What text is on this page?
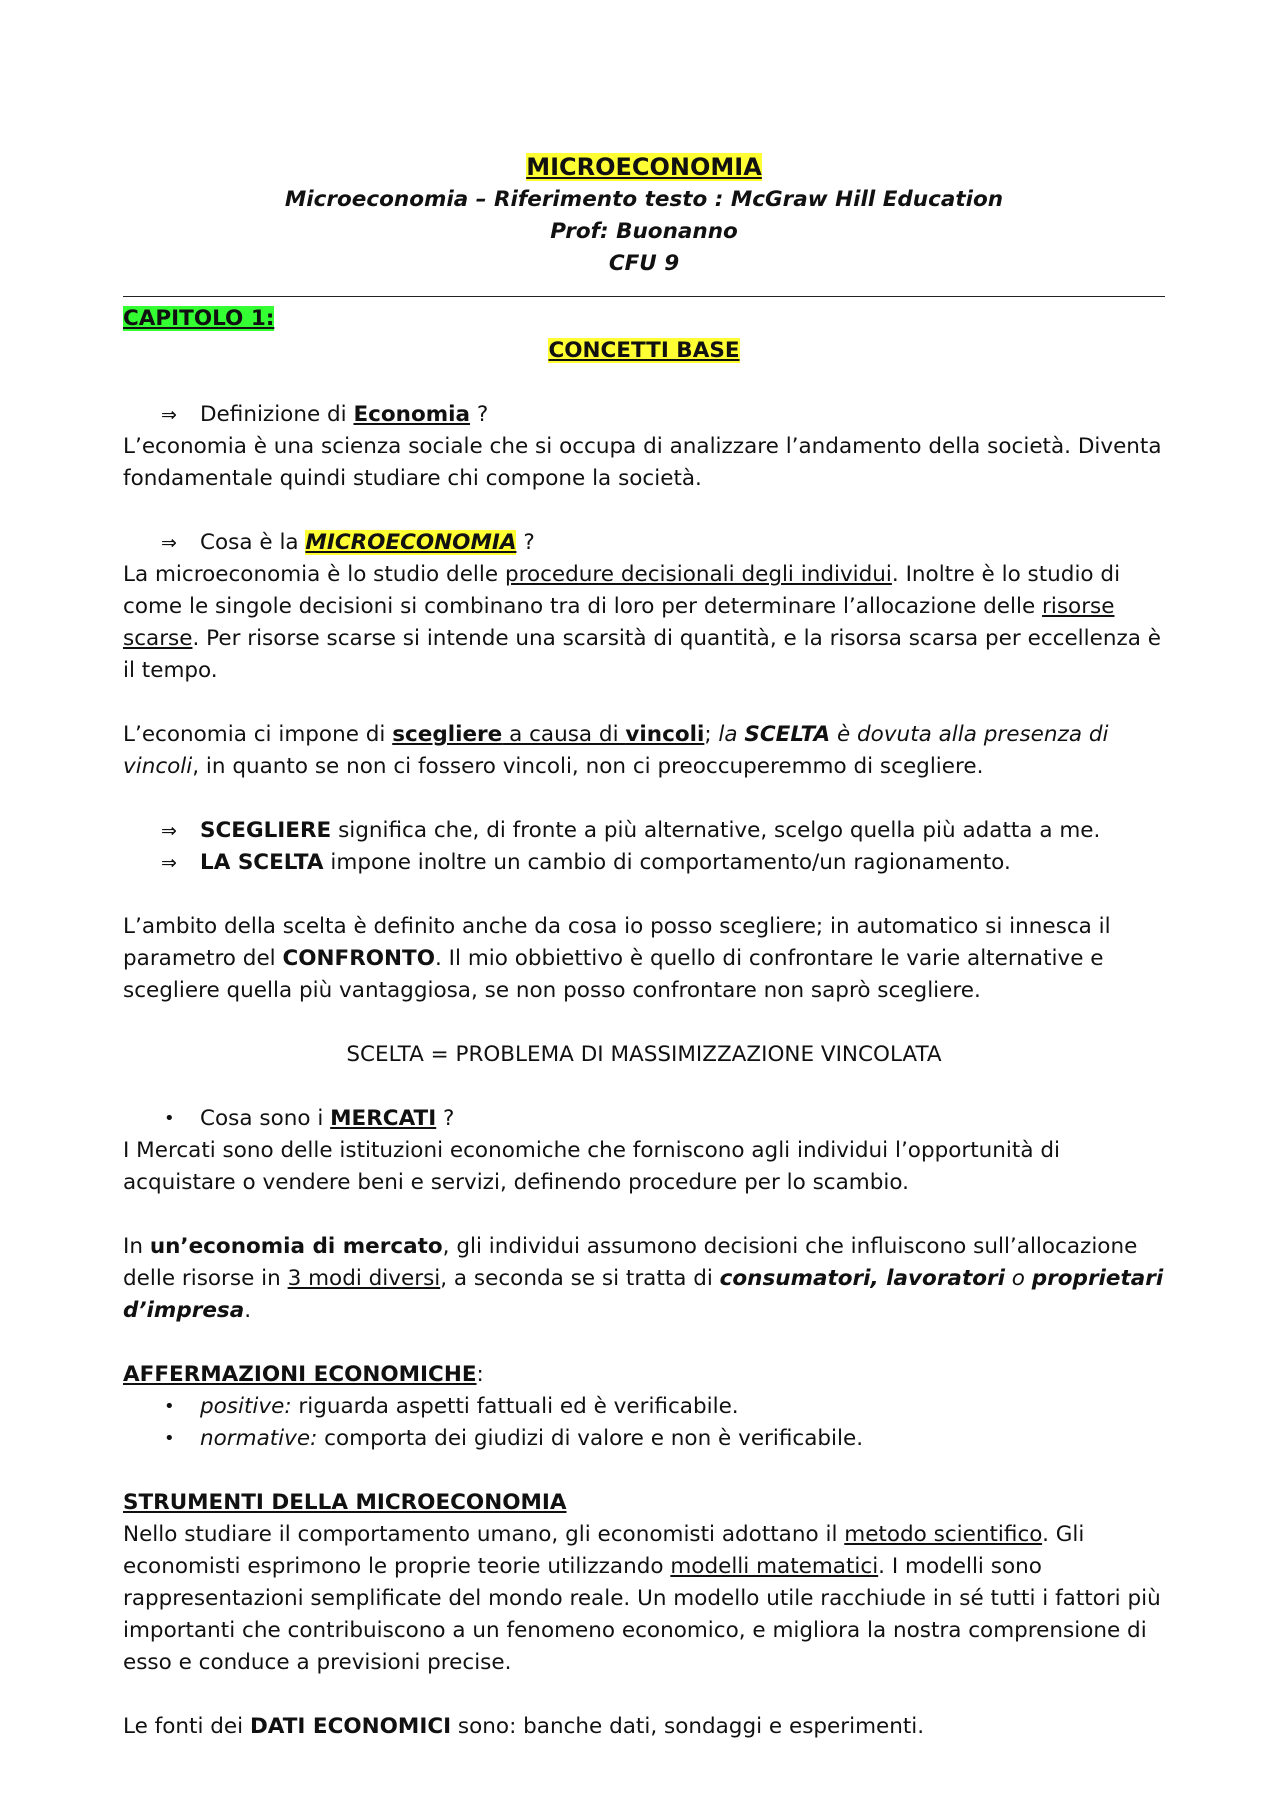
MICROECONOMIA
Microeconomia – Riferimento testo : McGraw Hill Education
Prof: Buonanno
CFU 9
CAPITOLO 1:
CONCETTI BASE
⇒ Definizione di Economia ?

L’economia è una scienza sociale che si occupa di analizzare l’andamento della società. Diventa fondamentale quindi studiare chi compone la società.

⇒ Cosa è la MICROECONOMIA ?

La microeconomia è lo studio delle procedure decisionali degli individui. Inoltre è lo studio di come le singole decisioni si combinano tra di loro per determinare l’allocazione delle risorse scarse. Per risorse scarse si intende una scarsità di quantità, e la risorsa scarsa per eccellenza è il tempo.

L’economia ci impone di scegliere a causa di vincoli; la SCELTA è dovuta alla presenza di vincoli, in quanto se non ci fossero vincoli, non ci preoccuperemmo di scegliere.

⇒ SCEGLIERE significa che, di fronte a più alternative, scelgo quella più adatta a me.
⇒ LA SCELTA impone inoltre un cambio di comportamento/un ragionamento.

L’ambito della scelta è definito anche da cosa io posso scegliere; in automatico si innesca il parametro del CONFRONTO. Il mio obbiettivo è quello di confrontare le varie alternative e scegliere quella più vantaggiosa, se non posso confrontare non saprò scegliere.

SCELTA = PROBLEMA DI MASSIMIZZAZIONE VINCOLATA

• Cosa sono i MERCATI ?

I Mercati sono delle istituzioni economiche che forniscono agli individui l’opportunità di acquistare o vendere beni e servizi, definendo procedure per lo scambio.

In un’economia di mercato, gli individui assumono decisioni che influiscono sull’allocazione delle risorse in 3 modi diversi, a seconda se si tratta di consumatori, lavoratori o proprietari d’impresa.

AFFERMAZIONI ECONOMICHE:
• positive: riguarda aspetti fattuali ed è verificabile.
• normative: comporta dei giudizi di valore e non è verificabile.
STRUMENTI DELLA MICROECONOMIA

Nello studiare il comportamento umano, gli economisti adottano il metodo scientifico. Gli economisti esprimono le proprie teorie utilizzando modelli matematici. I modelli sono rappresentazioni semplificate del mondo reale. Un modello utile racchiude in sé tutti i fattori più importanti che contribuiscono a un fenomeno economico, e migliora la nostra comprensione di esso e conduce a previsioni precise.

Le fonti dei DATI ECONOMICI sono: banche dati, sondaggi e esperimenti.
